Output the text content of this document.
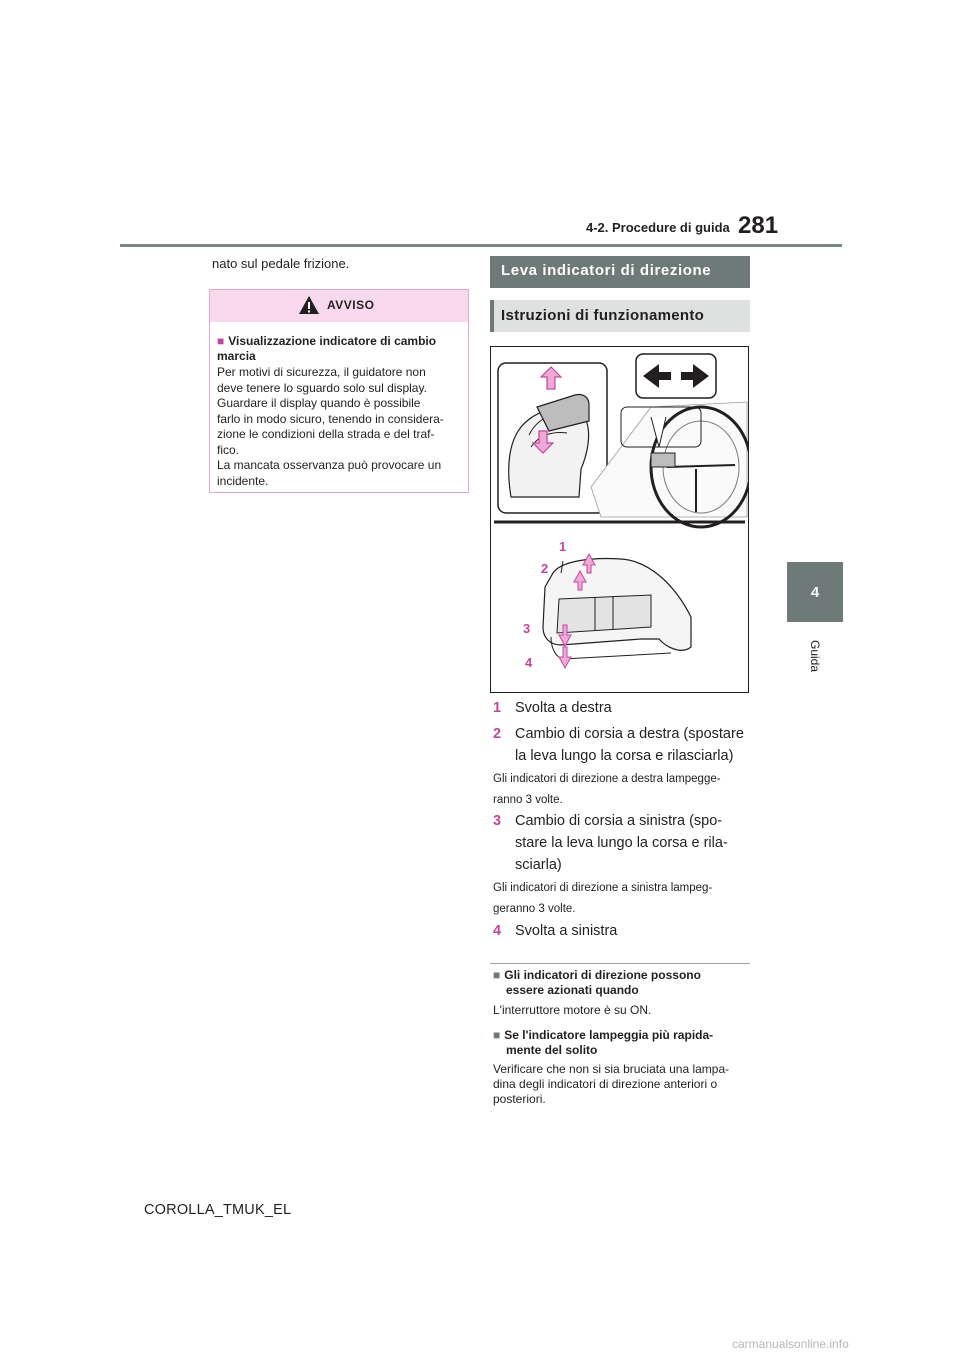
4-2. Procedure di guida 281
4
Guida
nato sul pedale frizione.
AVVISO
■ Visualizzazione indicatore di cambio marcia
Per motivi di sicurezza, il guidatore non
deve tenere lo sguardo solo sul display.
Guardare il display quando è possibile
farlo in modo sicuro, tenendo in considera-
zione le condizioni della strada e del traf-
fico.
La mancata osservanza può provocare un
incidente.
Leva indicatori di direzione
Istruzioni di funzionamento
1
2
3
4
1 Svolta a destra
2 Cambio di corsia a destra (spostare
la leva lungo la corsa e rilasciarla)
Gli indicatori di direzione a destra lampegge-
ranno 3 volte.
3 Cambio di corsia a sinistra (spo-
stare la leva lungo la corsa e rila-
sciarla)
Gli indicatori di direzione a sinistra lampeg-
geranno 3 volte.
4 Svolta a sinistra
■ Gli indicatori di direzione possono
essere azionati quando
L'interruttore motore è su ON.
■ Se l'indicatore lampeggia più rapida-
mente del solito
Verificare che non si sia bruciata una lampa-
dina degli indicatori di direzione anteriori o
posteriori.
COROLLA_TMUK_EL
carmanualsonline.info
